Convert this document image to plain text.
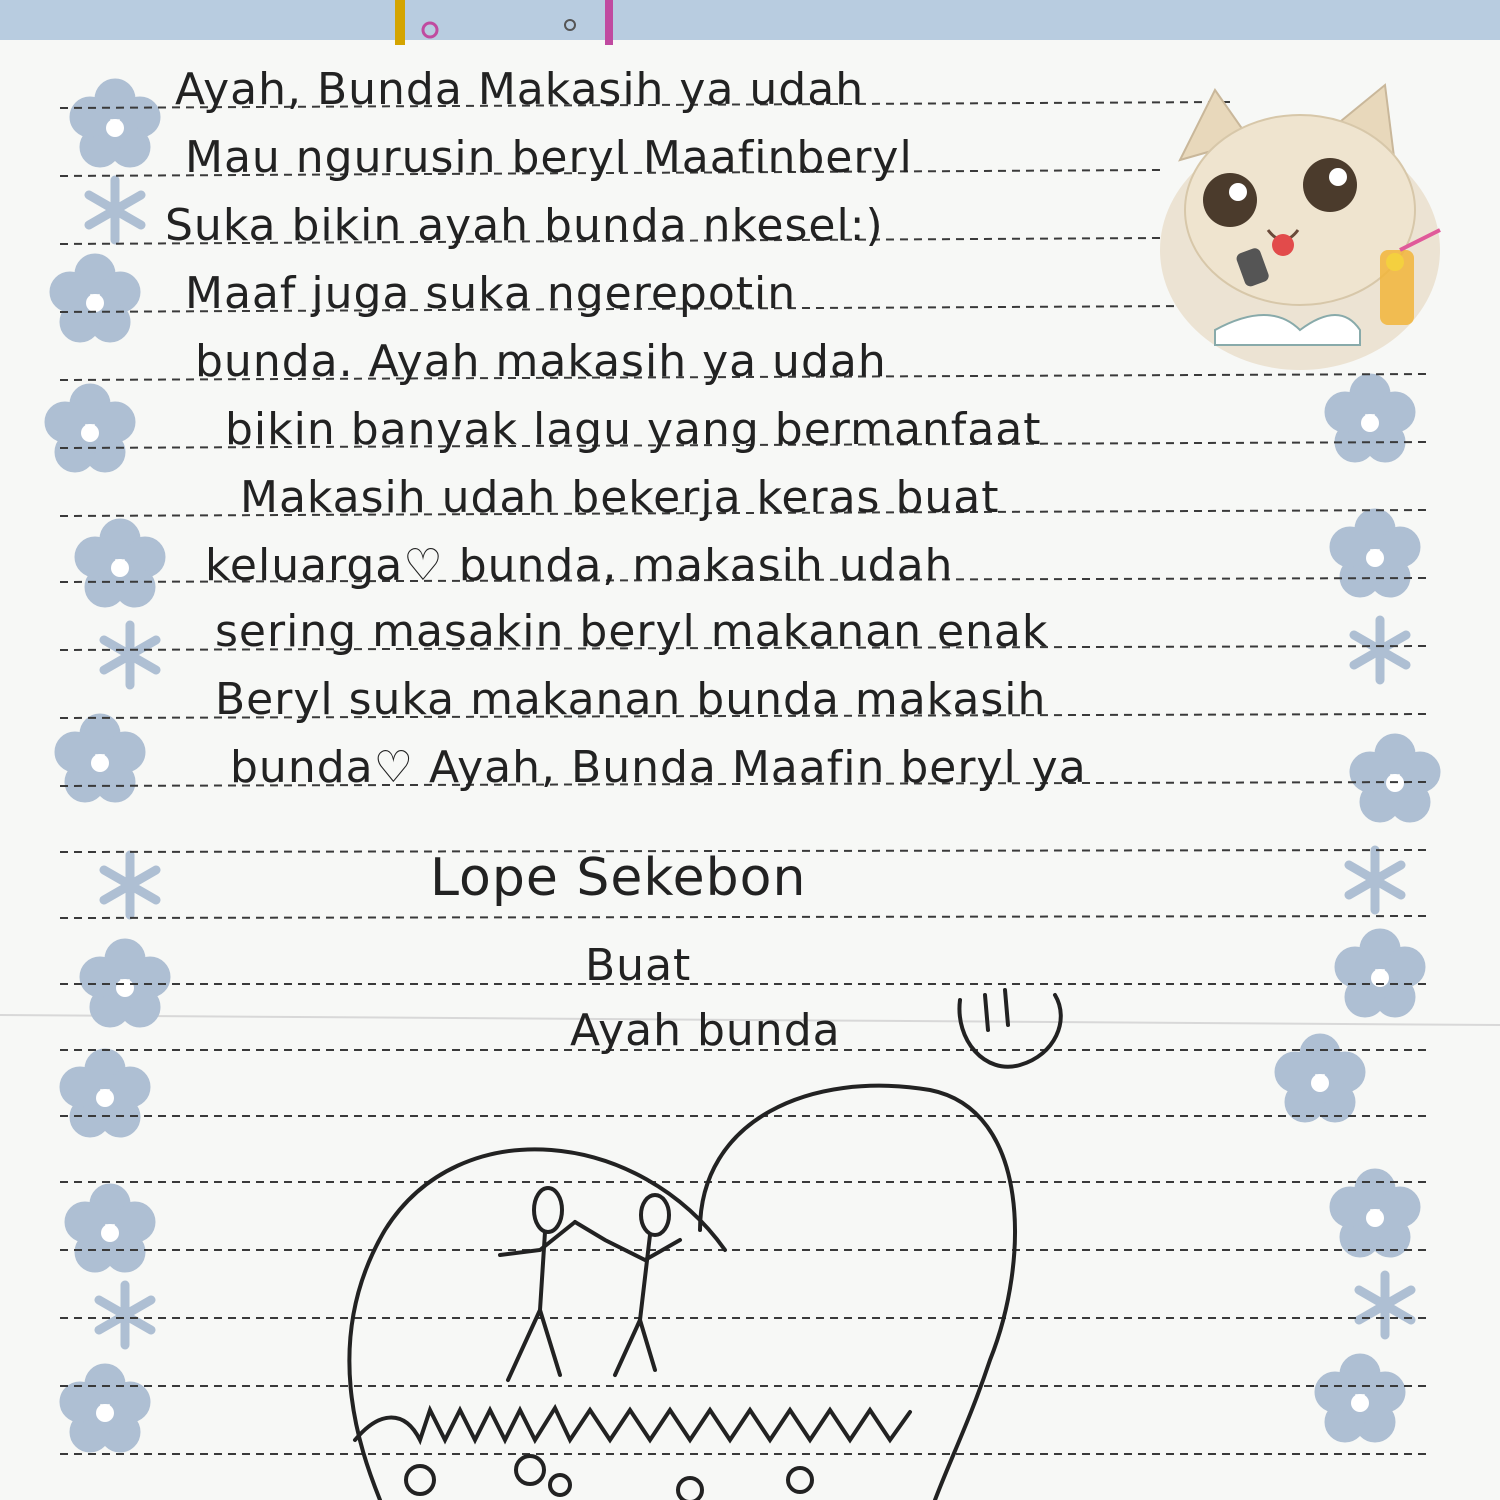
Ayah, Bunda Makasih ya udah
Mau ngurusin beryl Maafinberyl
Suka bikin ayah bunda nkesel:)
Maaf juga suka ngerepotin
bunda. Ayah makasih ya udah
bikin banyak lagu yang bermanfaat
Makasih udah bekerja keras buat
keluarga♡ bunda, makasih udah
sering masakin beryl makanan enak
Beryl suka makanan bunda makasih
bunda♡ Ayah, Bunda Maafin beryl ya
Lope Sekebon
Buat
Ayah bunda
